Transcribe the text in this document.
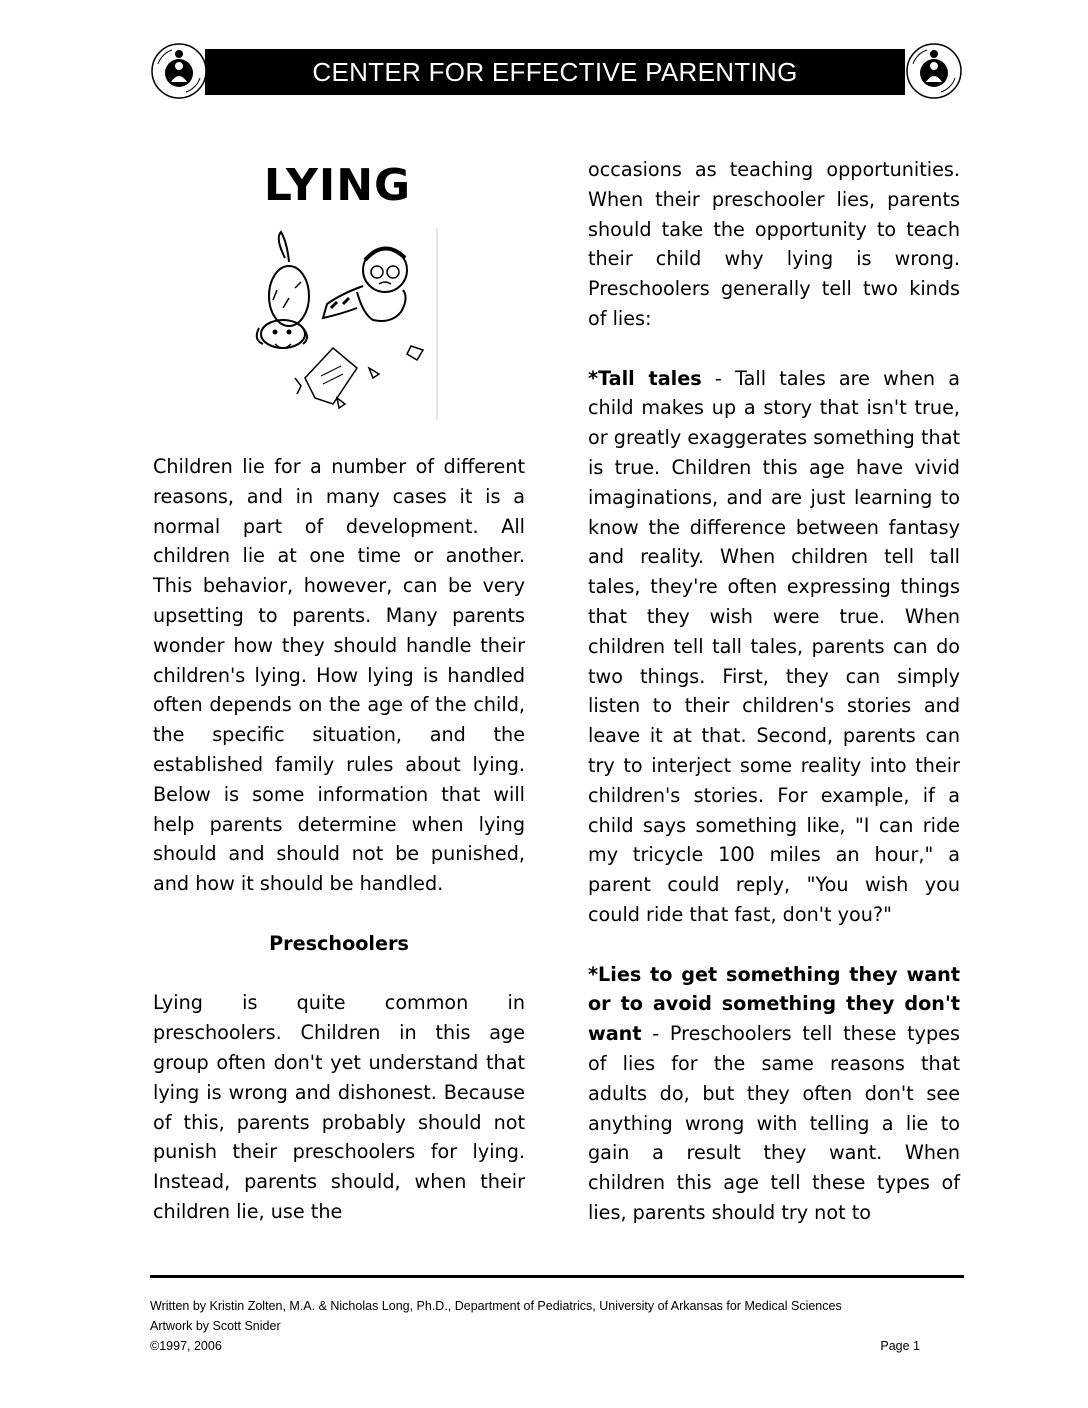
CENTER FOR EFFECTIVE PARENTING
LYING

Children lie for a number of different reasons, and in many cases it is a normal part of development. All children lie at one time or another. This behavior, however, can be very upsetting to parents. Many parents wonder how they should handle their children's lying. How lying is handled often depends on the age of the child, the specific situation, and the established family rules about lying. Below is some information that will help parents determine when lying should and should not be punished, and how it should be handled.

Preschoolers

Lying is quite common in preschoolers. Children in this age group often don't yet understand that lying is wrong and dishonest. Because of this, parents probably should not punish their preschoolers for lying. Instead, parents should, when their children lie, use the

occasions as teaching opportunities. When their preschooler lies, parents should take the opportunity to teach their child why lying is wrong. Preschoolers generally tell two kinds of lies:

*Tall tales - Tall tales are when a child makes up a story that isn't true, or greatly exaggerates something that is true. Children this age have vivid imaginations, and are just learning to know the difference between fantasy and reality. When children tell tall tales, they're often expressing things that they wish were true. When children tell tall tales, parents can do two things. First, they can simply listen to their children's stories and leave it at that. Second, parents can try to interject some reality into their children's stories. For example, if a child says something like, "I can ride my tricycle 100 miles an hour," a parent could reply, "You wish you could ride that fast, don't you?"

*Lies to get something they want or to avoid something they don't want - Preschoolers tell these types of lies for the same reasons that adults do, but they often don't see anything wrong with telling a lie to gain a result they want. When children this age tell these types of lies, parents should try not to

Written by Kristin Zolten, M.A. & Nicholas Long, Ph.D., Department of Pediatrics, University of Arkansas for Medical Sciences
Artwork by Scott Snider
©1997, 2006	Page 1
